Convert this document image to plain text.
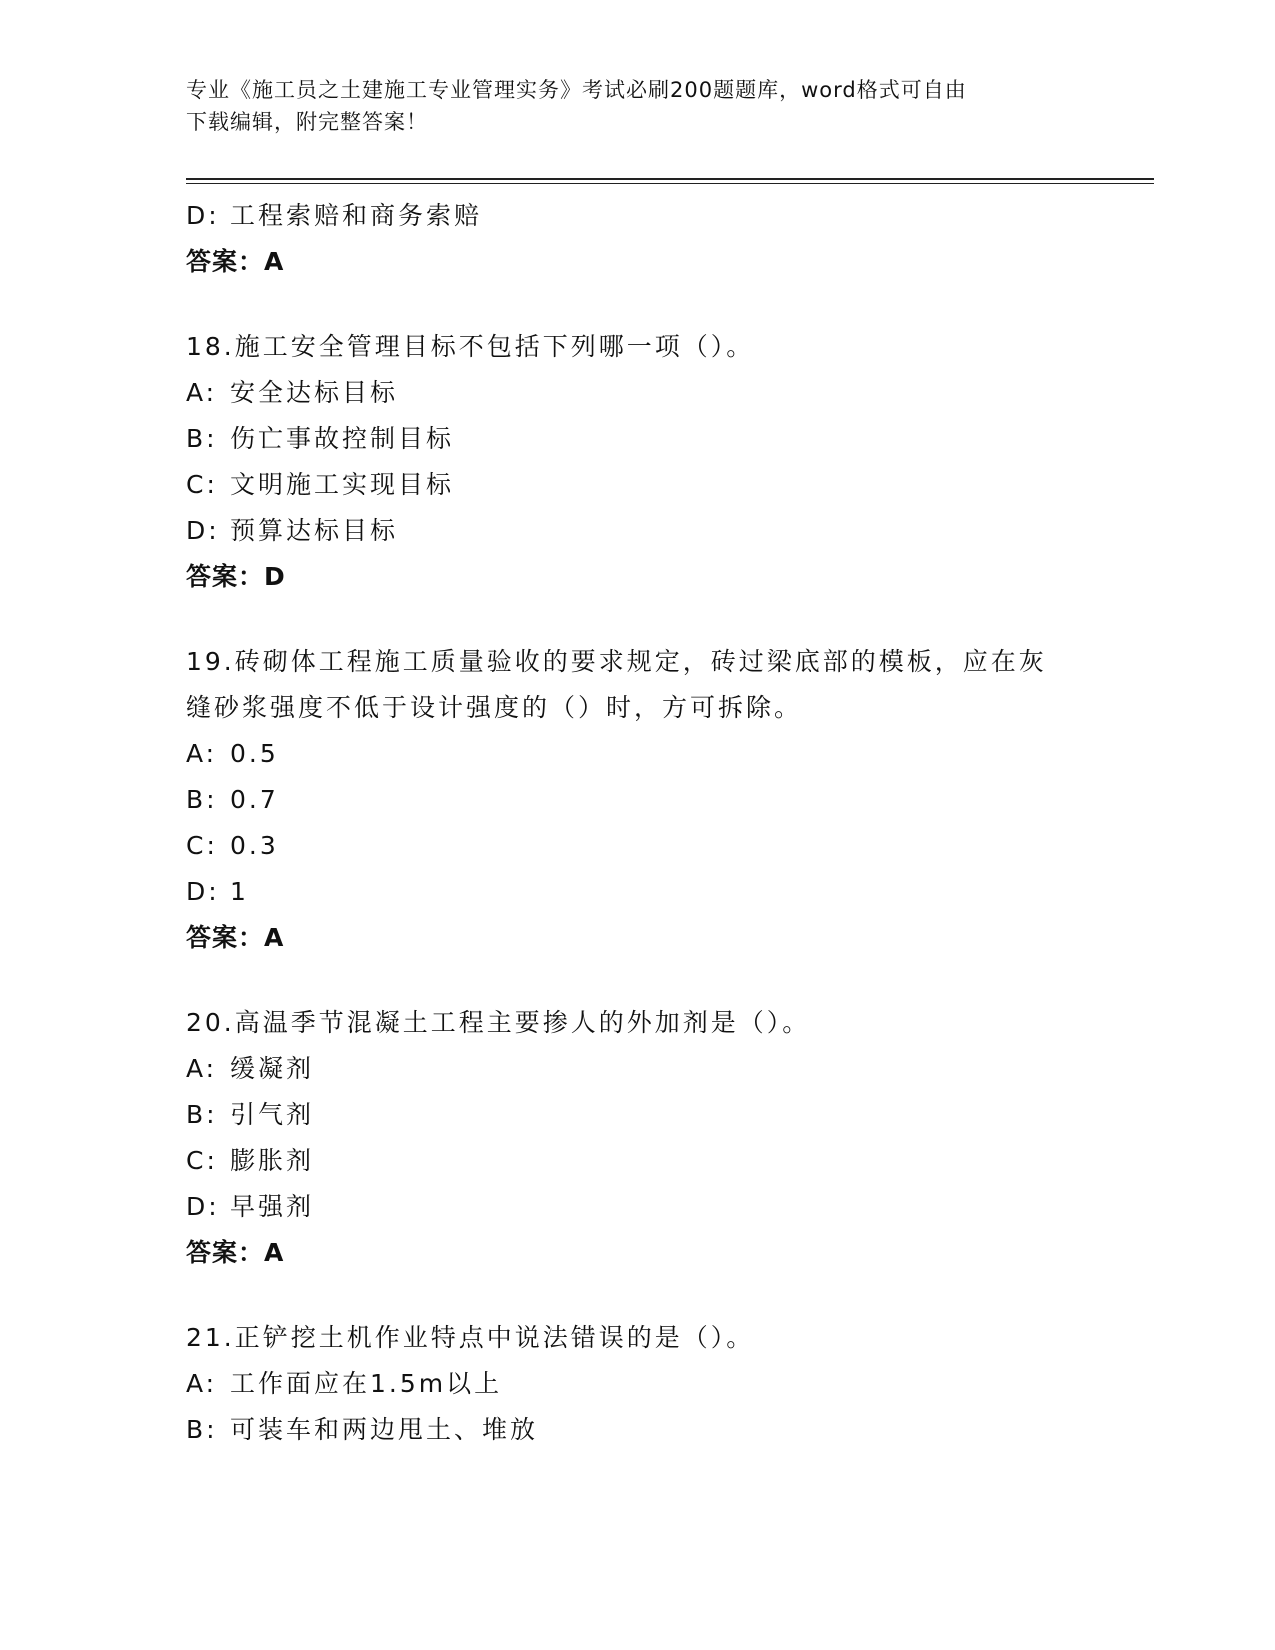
专业《施工员之土建施工专业管理实务》考试必刷200题题库，word格式可自由
下载编辑，附完整答案！
D: 工程索赔和商务索赔
答案：A
18.施工安全管理目标不包括下列哪一项（）。
A: 安全达标目标
B: 伤亡事故控制目标
C: 文明施工实现目标
D: 预算达标目标
答案：D
19.砖砌体工程施工质量验收的要求规定，砖过梁底部的模板，应在灰
缝砂浆强度不低于设计强度的（）时，方可拆除。
A: 0.5
B: 0.7
C: 0.3
D: 1
答案：A
20.高温季节混凝土工程主要掺人的外加剂是（）。
A: 缓凝剂
B: 引气剂
C: 膨胀剂
D: 早强剂
答案：A
21.正铲挖土机作业特点中说法错误的是（）。
A: 工作面应在1.5m以上
B: 可装车和两边甩土、堆放
